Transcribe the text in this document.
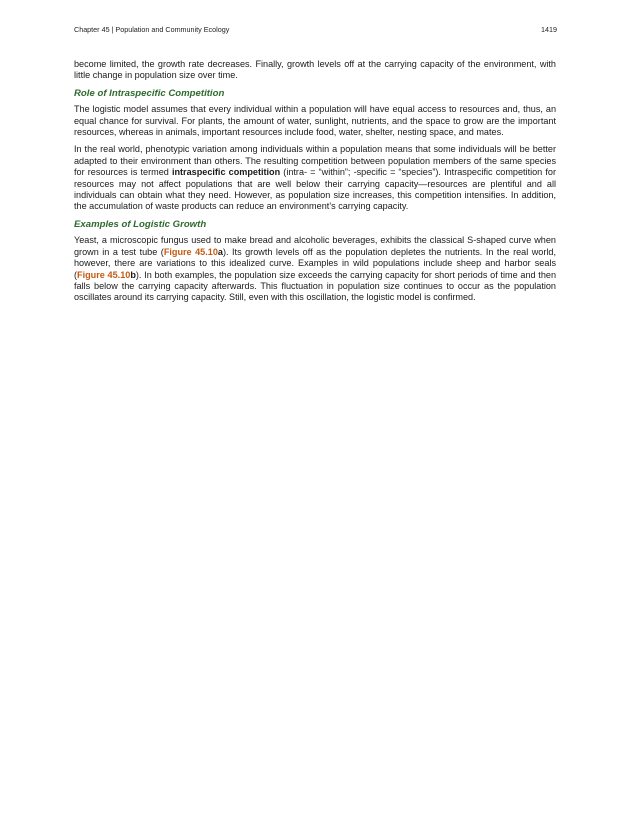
Chapter 45 | Population and Community Ecology	1419

become limited, the growth rate decreases. Finally, growth levels off at the carrying capacity of the environment, with little change in population size over time.

Role of Intraspecific Competition

The logistic model assumes that every individual within a population will have equal access to resources and, thus, an equal chance for survival. For plants, the amount of water, sunlight, nutrients, and the space to grow are the important resources, whereas in animals, important resources include food, water, shelter, nesting space, and mates.

In the real world, phenotypic variation among individuals within a population means that some individuals will be better adapted to their environment than others. The resulting competition between population members of the same species for resources is termed intraspecific competition (intra- = “within”; -specific = “species”). Intraspecific competition for resources may not affect populations that are well below their carrying capacity—resources are plentiful and all individuals can obtain what they need. However, as population size increases, this competition intensifies. In addition, the accumulation of waste products can reduce an environment’s carrying capacity.

Examples of Logistic Growth

Yeast, a microscopic fungus used to make bread and alcoholic beverages, exhibits the classical S-shaped curve when grown in a test tube (Figure 45.10a). Its growth levels off as the population depletes the nutrients. In the real world, however, there are variations to this idealized curve. Examples in wild populations include sheep and harbor seals (Figure 45.10b). In both examples, the population size exceeds the carrying capacity for short periods of time and then falls below the carrying capacity afterwards. This fluctuation in population size continues to occur as the population oscillates around its carrying capacity. Still, even with this oscillation, the logistic model is confirmed.
